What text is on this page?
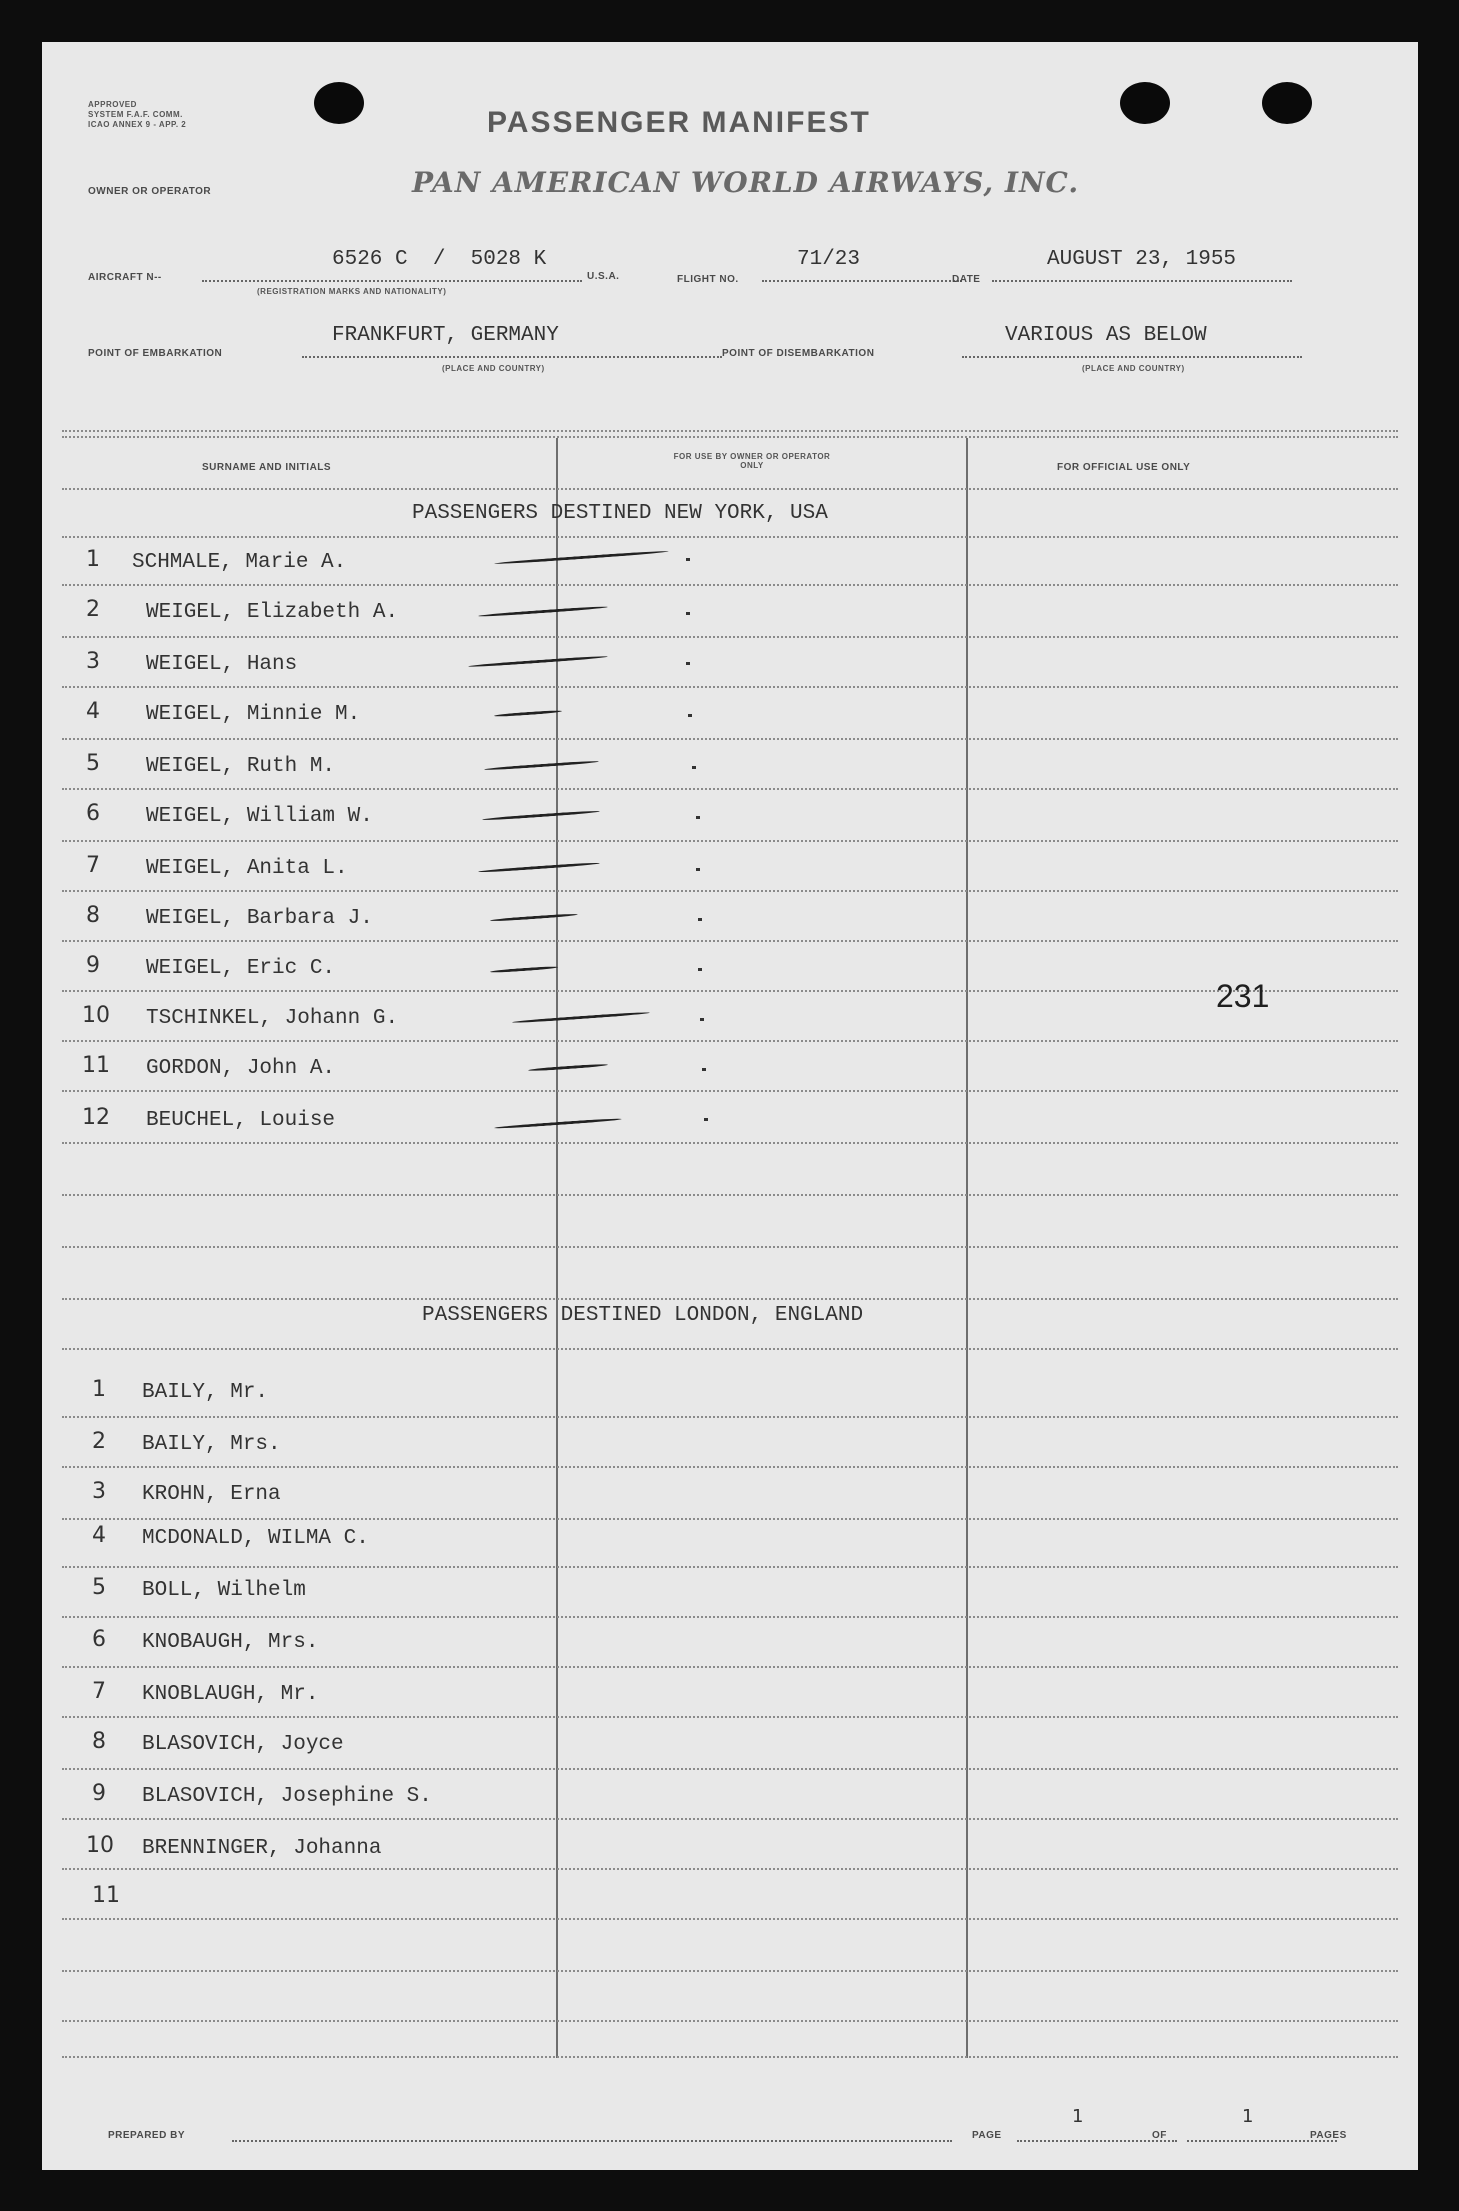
APPROVED
SYSTEM F.A.F. COMM.
ICAO ANNEX 9 - APP. 2	PASSENGER MANIFEST
OWNER OR OPERATOR	PAN AMERICAN WORLD AIRWAYS, INC.
AIRCRAFT N--
6526 C  /  5028 K
(REGISTRATION MARKS AND NATIONALITY)
U.S.A.	FLIGHT NO.
71/23
DATE
AUGUST 23, 1955
POINT OF EMBARKATION
FRANKFURT, GERMANY
(PLACE AND COUNTRY)
POINT OF DISEMBARKATION
VARIOUS AS BELOW
(PLACE AND COUNTRY)
SURNAME AND INITIALS
FOR USE BY OWNER OR OPERATOR ONLY	FOR OFFICIAL USE ONLY
PASSENGERS DESTINED NEW YORK, USA
1 SCHMALE, Marie A.
2 WEIGEL, Elizabeth A.
3 WEIGEL, Hans
4 WEIGEL, Minnie M.
5 WEIGEL, Ruth M.
6 WEIGEL, William W.
7 WEIGEL, Anita L.
8 WEIGEL, Barbara J.
9 WEIGEL, Eric C.
10 TSCHINKEL, Johann G.
11 GORDON, John A.
12 BEUCHEL, Louise
231
PASSENGERS DESTINED LONDON, ENGLAND
1 BAILY, Mr.
2 BAILY, Mrs.
3 KROHN, Erna
4 MCDONALD, WILMA C.
5 BOLL, Wilhelm
6 KNOBAUGH, Mrs.
7 KNOBLAUGH, Mr.
8 BLASOVICH, Joyce
9 BLASOVICH, Josephine S.
10 BRENNINGER, Johanna
11
PREPARED BY	PAGE
1
OF
1
PAGES
